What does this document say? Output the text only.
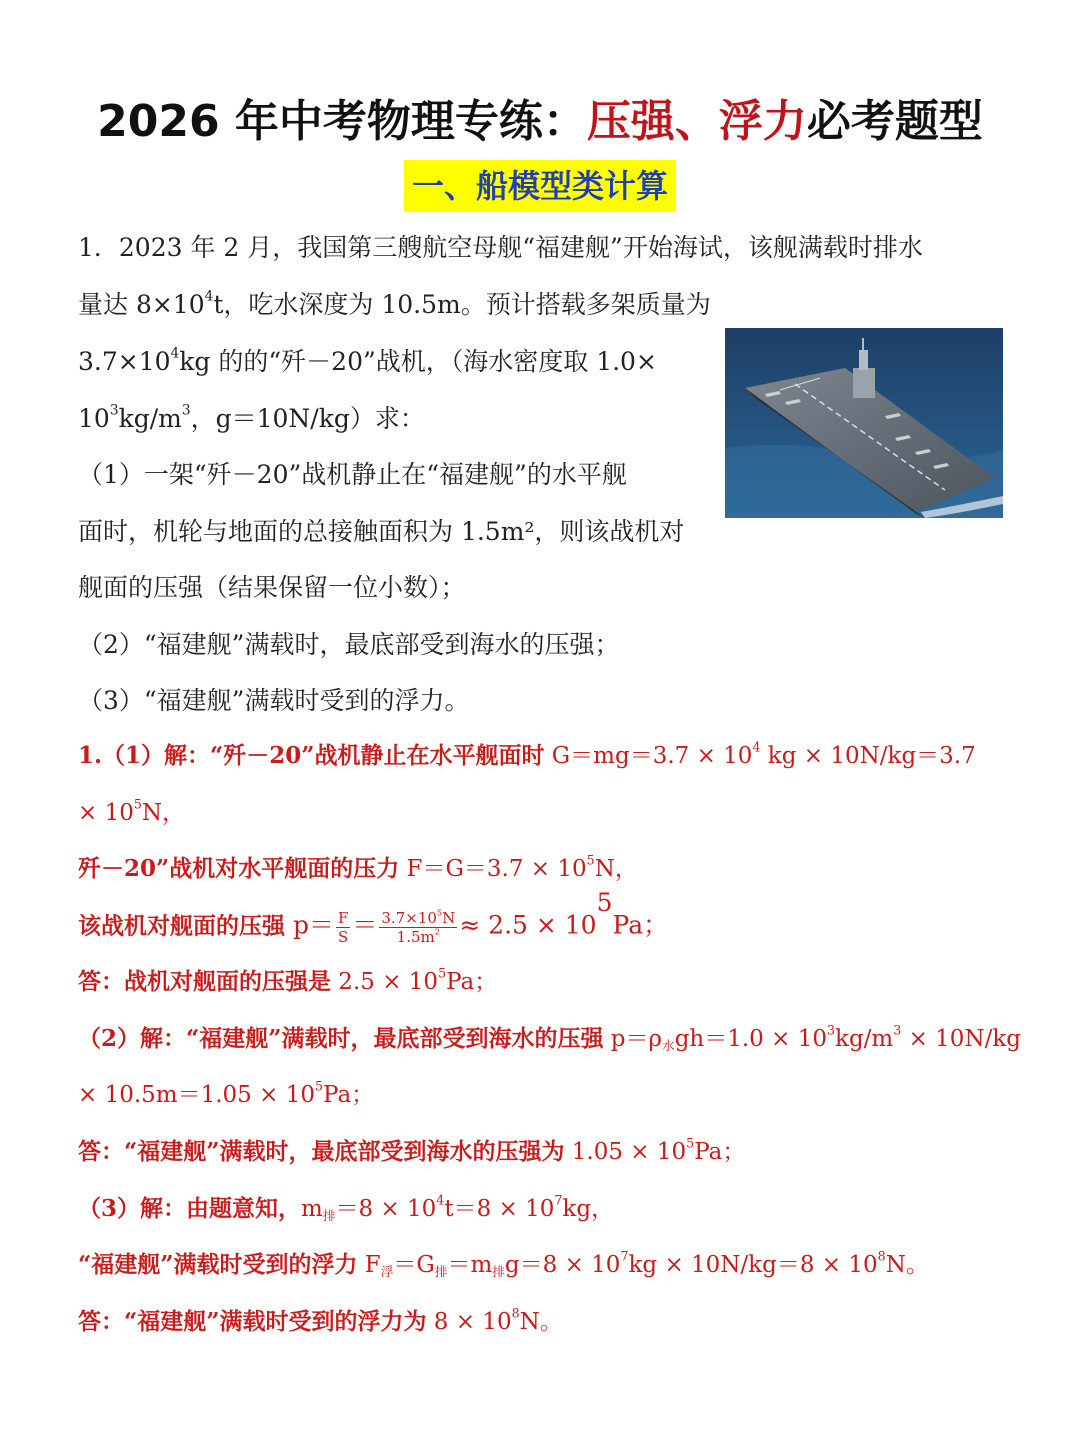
2026 年中考物理专练：压强、浮力必考题型
一、船模型类计算
1．2023 年 2 月，我国第三艘航空母舰“福建舰”开始海试，该舰满载时排水
量达 $8\times 10^4t$，吃水深度为 10.5m。预计搭载多架质量为
$3.7\times 10^4kg$ 的的“歼－20”战机，（海水密度取 1.0×
$10^3kg/m^3$，g＝10N/kg）求：
（1）一架“歼－20”战机静止在“福建舰”的水平舰
面时，机轮与地面的总接触面积为 1.5m²，则该战机对
舰面的压强（结果保留一位小数）；
（2）“福建舰”满载时，最底部受到海水的压强；
（3）“福建舰”满载时受到的浮力。
1.（1）解：“歼－20”战机静止在水平舰面时 $G=mg=3.7 \times 10^4$ kg × 10N/kg＝3.7
× $10^5N$，
歼－20”战机对水平舰面的压力 $F=G=3.7 \times 10^5N$，
该战机对舰面的压强 $p= \frac{F}{S} = \frac{3.7\times 10^5N}{1.5m^2} \approx 2.5 \times 10^5Pa$；
答：战机对舰面的压强是 $2.5 \times 10^5Pa$；
（2）解：“福建舰”满载时，最底部受到海水的压强 $p=\rho_水gh=1.0 \times 10^3kg/m^3 \times 10N/kg$
× $10.5m=1.05 \times 10^5Pa$；
答：“福建舰”满载时，最底部受到海水的压强为 $1.05 \times 10^5Pa$；
（3）解：由题意知，$m_排=8 \times 10^4t=8 \times 10^7kg$，
“福建舰”满载时受到的浮力 $F_浮=G_排=m_排g=8 \times 10^7kg \times 10N/kg=8 \times 10^8N$。
答：“福建舰”满载时受到的浮力为 $8 \times 10^8N$。
